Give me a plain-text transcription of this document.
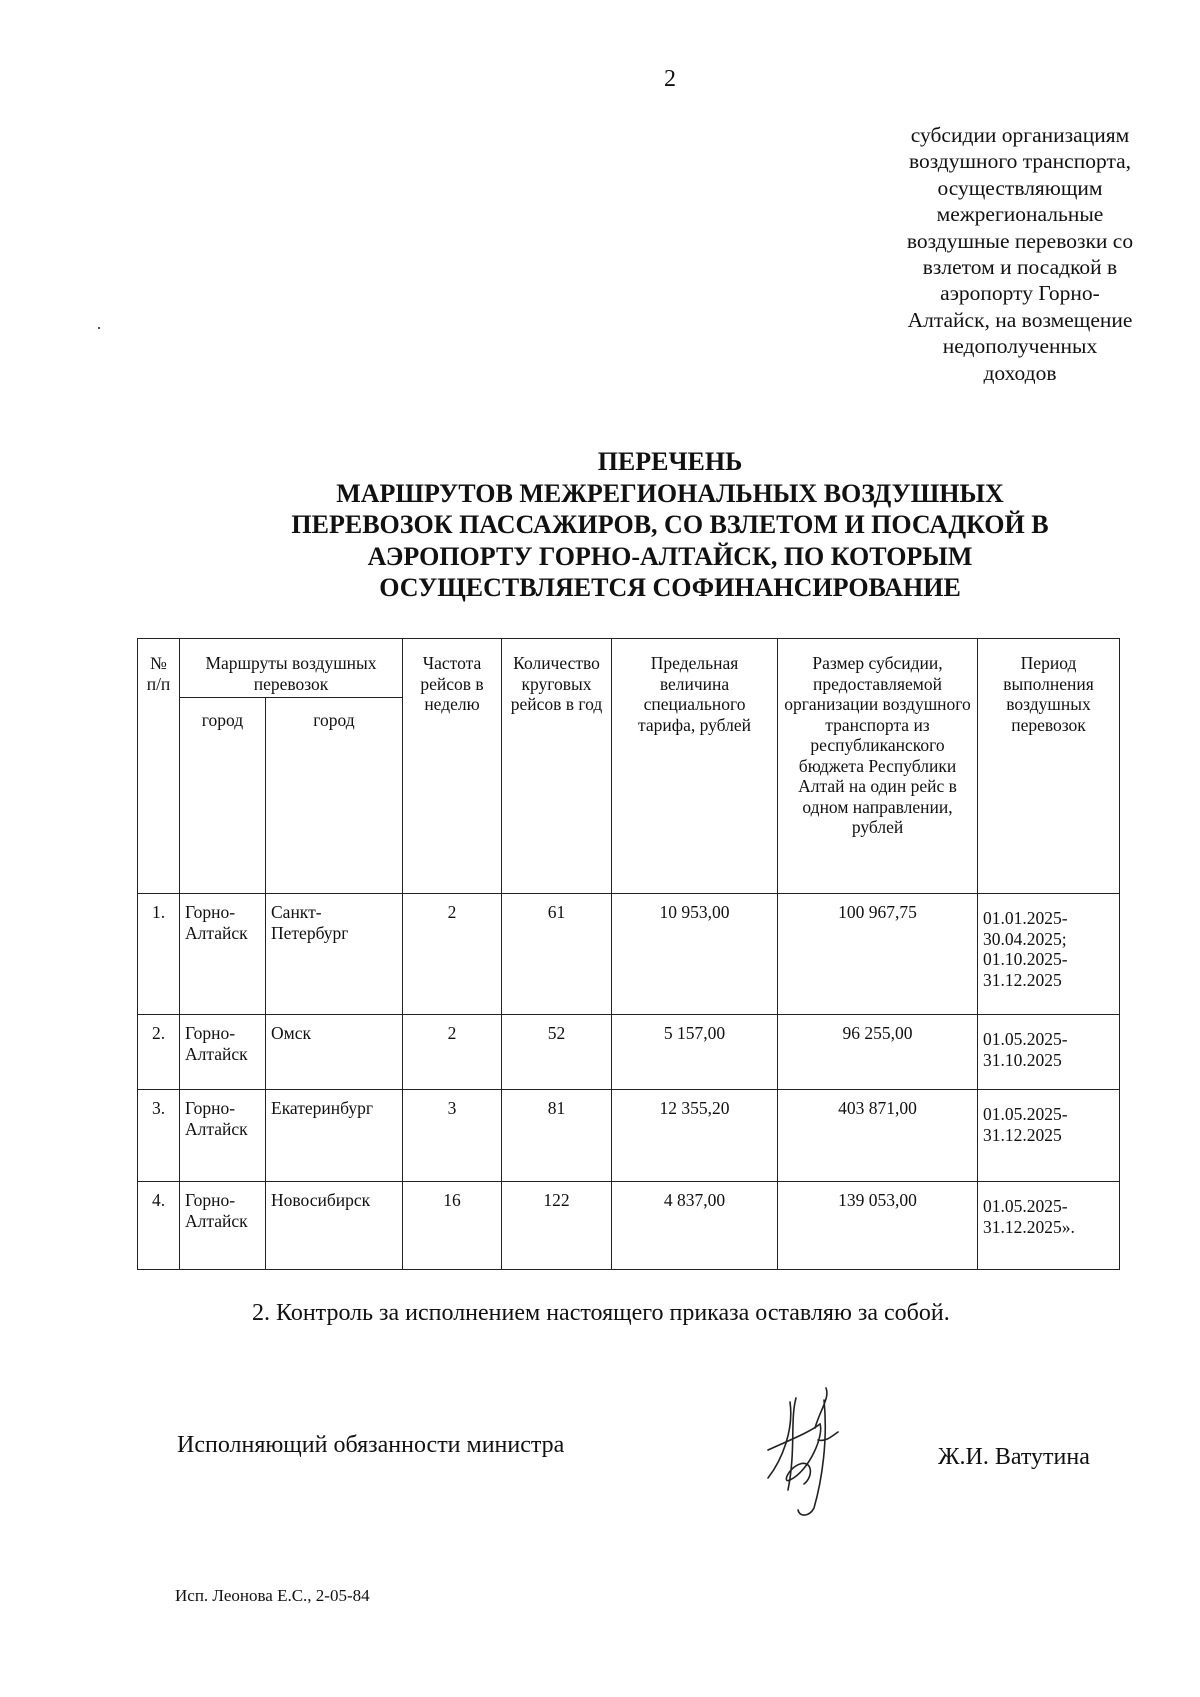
2
субсидии организациям
воздушного транспорта,
осуществляющим
межрегиональные
воздушные перевозки со
взлетом и посадкой в
аэропорту Горно-
Алтайск, на возмещение
недополученных
доходов
ПЕРЕЧЕНЬ
МАРШРУТОВ МЕЖРЕГИОНАЛЬНЫХ ВОЗДУШНЫХ
ПЕРЕВОЗОК ПАССАЖИРОВ, СО ВЗЛЕТОМ И ПОСАДКОЙ В
АЭРОПОРТУ ГОРНО-АЛТАЙСК, ПО КОТОРЫМ
ОСУЩЕСТВЛЯЕТСЯ СОФИНАНСИРОВАНИЕ
№ п/п	Маршруты воздушных перевозок		Частота рейсов в неделю	Количество круговых рейсов в год	Предельная величина специального тарифа, рублей	Размер субсидии, предоставляемой организации воздушного транспорта из республиканского бюджета Республики Алтай на один рейс в одном направлении, рублей	Период выполнения воздушных перевозок
	город	город					
1.	Горно-Алтайск	Санкт-Петербург	2	61	10 953,00	100 967,75	01.01.2025-30.04.2025; 01.10.2025-31.12.2025
2.	Горно-Алтайск	Омск	2	52	5 157,00	96 255,00	01.05.2025-31.10.2025
3.	Горно-Алтайск	Екатеринбург	3	81	12 355,20	403 871,00	01.05.2025-31.12.2025
4.	Горно-Алтайск	Новосибирск	16	122	4 837,00	139 053,00	01.05.2025-31.12.2025».
2. Контроль за исполнением настоящего приказа оставляю за собой.
Исполняющий обязанности министра	Ж.И. Ватутина
Исп. Леонова Е.С., 2-05-84
